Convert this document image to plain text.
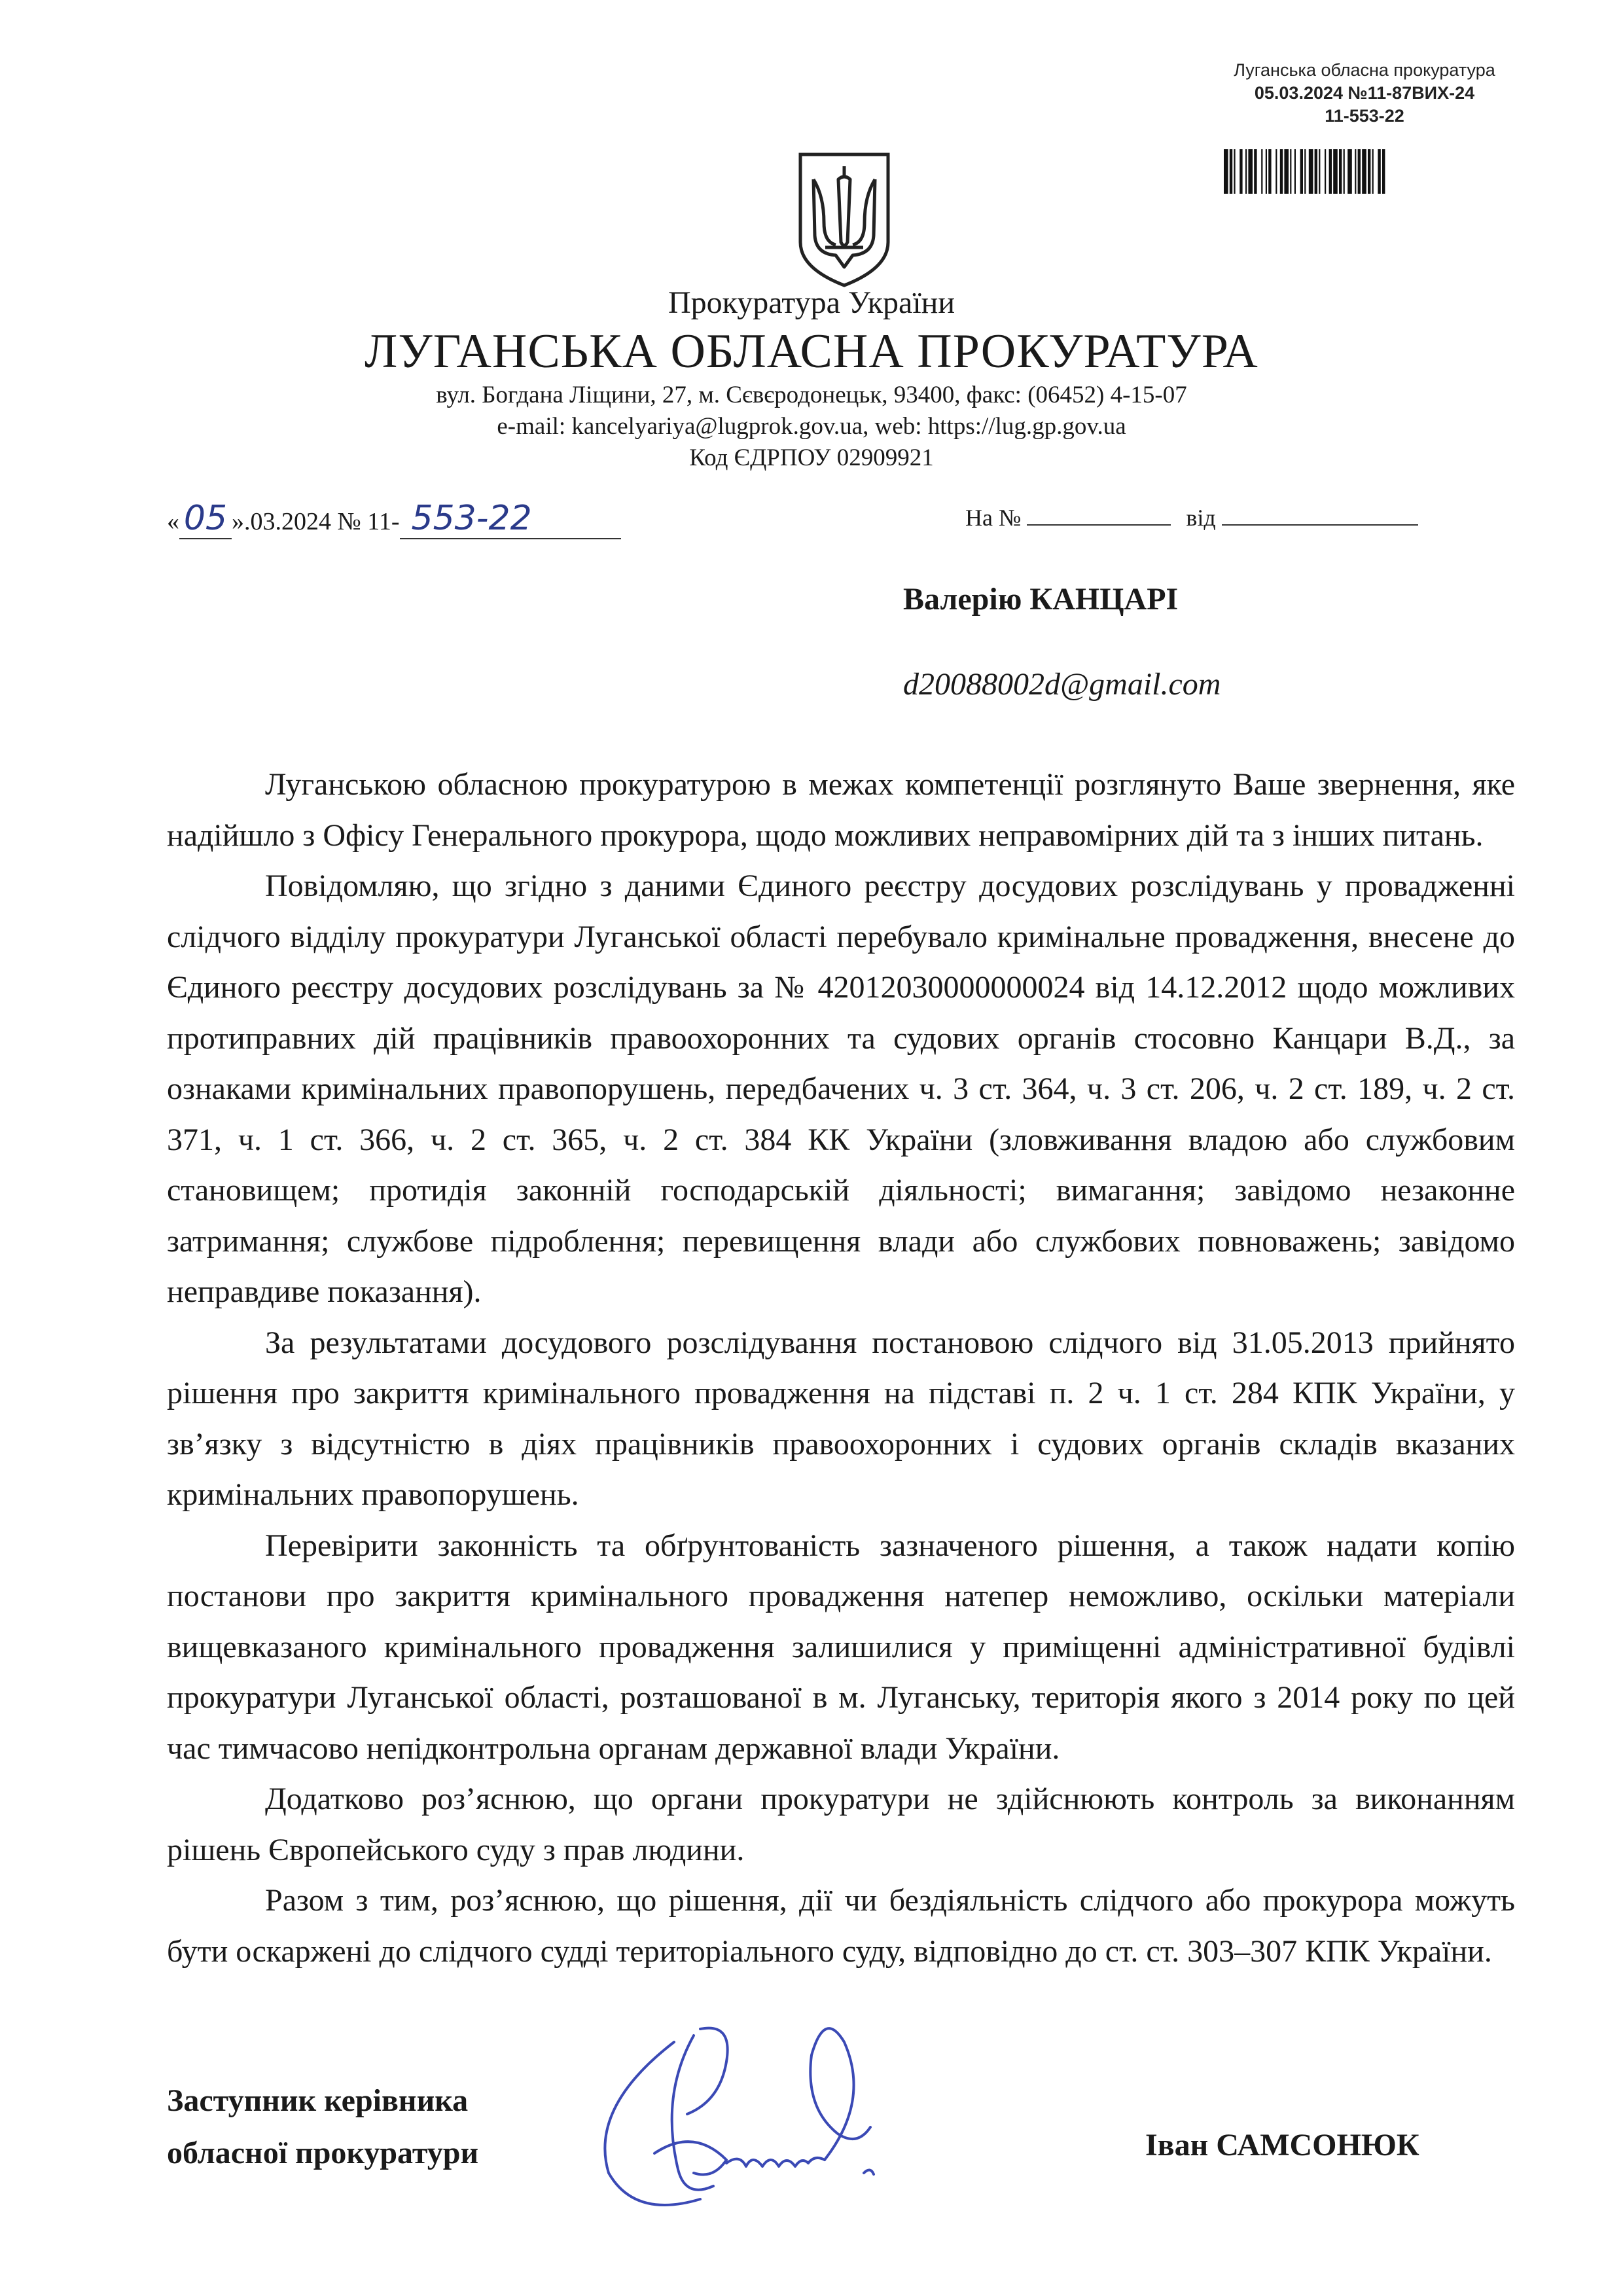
Луганська обласна прокуратура
05.03.2024 №11-87ВИХ-24
11-553-22
Прокуратура України
ЛУГАНСЬКА ОБЛАСНА ПРОКУРАТУРА
вул. Богдана Ліщини, 27, м. Сєвєродонецьк, 93400, факс: (06452) 4-15-07
e-mail: kancelyariya@lugprok.gov.ua, web: https://lug.gp.gov.ua
Код ЄДРПОУ 02909921
« 05 ».03.2024 № 11- 553-22	На №	від
Валерію КАНЦАРІ
d20088002d@gmail.com

Луганською обласною прокуратурою в межах компетенції розглянуто Ваше звернення, яке надійшло з Офісу Генерального прокурора, щодо можливих неправомірних дій та з інших питань.

Повідомляю, що згідно з даними Єдиного реєстру досудових розслідувань у провадженні слідчого відділу прокуратури Луганської області перебувало кримінальне провадження, внесене до Єдиного реєстру досудових розслідувань за № 42012030000000024 від 14.12.2012 щодо можливих протиправних дій працівників правоохоронних та судових органів стосовно Канцари В.Д., за ознаками кримінальних правопорушень, передбачених ч. 3 ст. 364, ч. 3 ст. 206, ч. 2 ст. 189, ч. 2 ст. 371, ч. 1 ст. 366, ч. 2 ст. 365, ч. 2 ст. 384 КК України (зловживання владою або службовим становищем; протидія законній господарській діяльності; вимагання; завідомо незаконне затримання; службове підроблення; перевищення влади або службових повноважень; завідомо неправдиве показання).

За результатами досудового розслідування постановою слідчого від 31.05.2013 прийнято рішення про закриття кримінального провадження на підставі п. 2 ч. 1 ст. 284 КПК України, у зв’язку з відсутністю в діях працівників правоохоронних і судових органів складів вказаних кримінальних правопорушень.

Перевірити законність та обґрунтованість зазначеного рішення, а також надати копію постанови про закриття кримінального провадження натепер неможливо, оскільки матеріали вищевказаного кримінального провадження залишилися у приміщенні адміністративної будівлі прокуратури Луганської області, розташованої в м. Луганську, територія якого з 2014 року по цей час тимчасово непідконтрольна органам державної влади України.

Додатково роз’яснюю, що органи прокуратури не здійснюють контроль за виконанням рішень Європейського суду з прав людини.

Разом з тим, роз’яснюю, що рішення, дії чи бездіяльність слідчого або прокурора можуть бути оскаржені до слідчого судді територіального суду, відповідно до ст. ст. 303–307 КПК України.

Заступник керівника
обласної прокуратури	Іван САМСОНЮК
